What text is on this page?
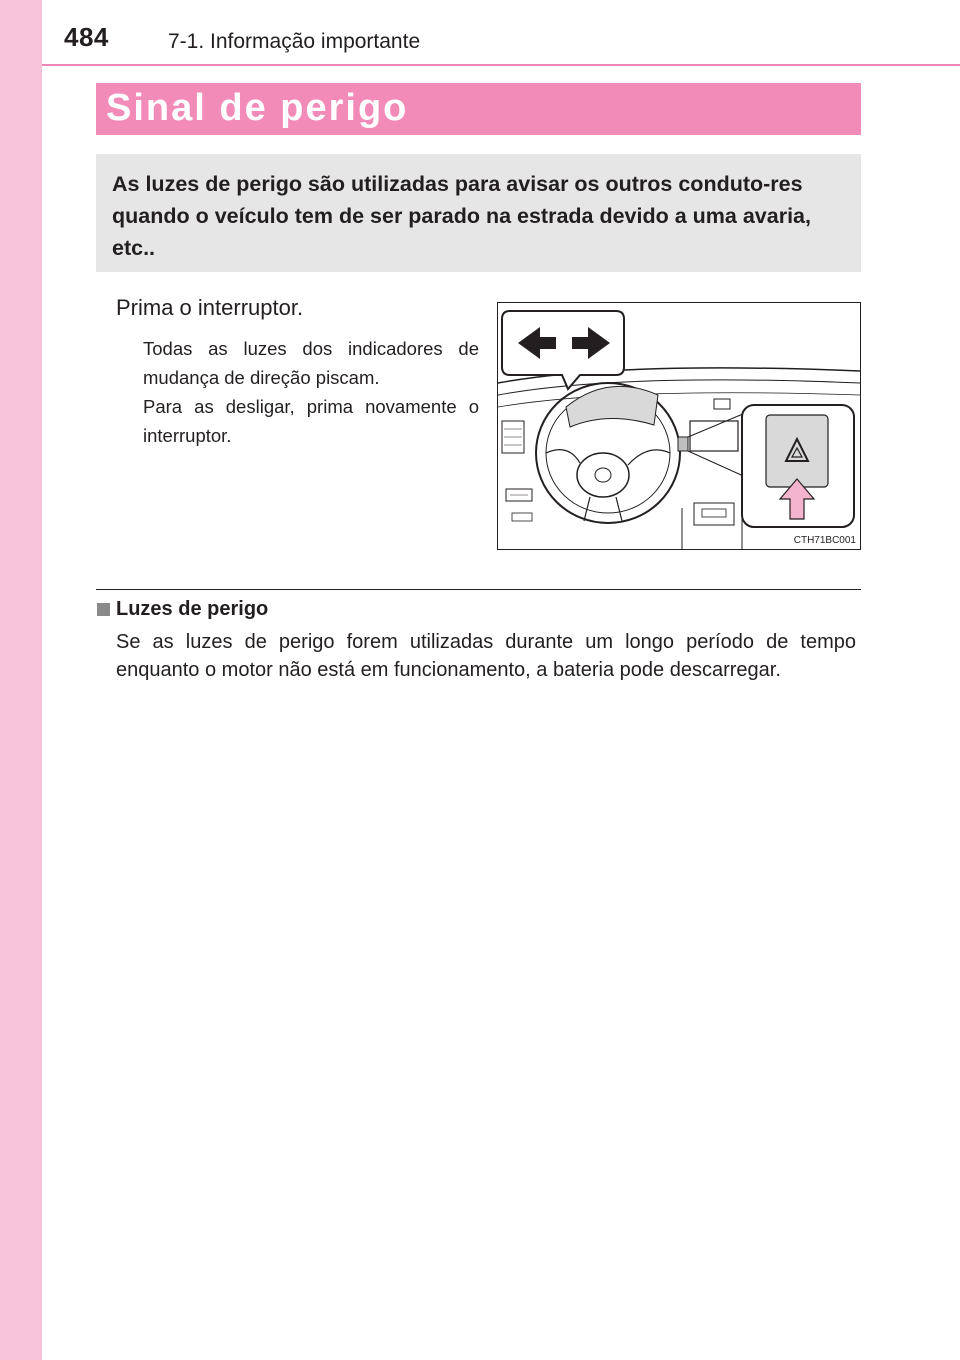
484	7-1. Informação importante
Sinal de perigo
As luzes de perigo são utilizadas para avisar os outros conduto-res quando o veículo tem de ser parado na estrada devido a uma avaria, etc..
Prima o interruptor.

Todas as luzes dos indicadores de mudança de direção piscam.

Para as desligar, prima novamente o interruptor.

CTH71BC001
Luzes de perigo
Se as luzes de perigo forem utilizadas durante um longo período de tempo
enquanto o motor não está em funcionamento, a bateria pode descarregar.
